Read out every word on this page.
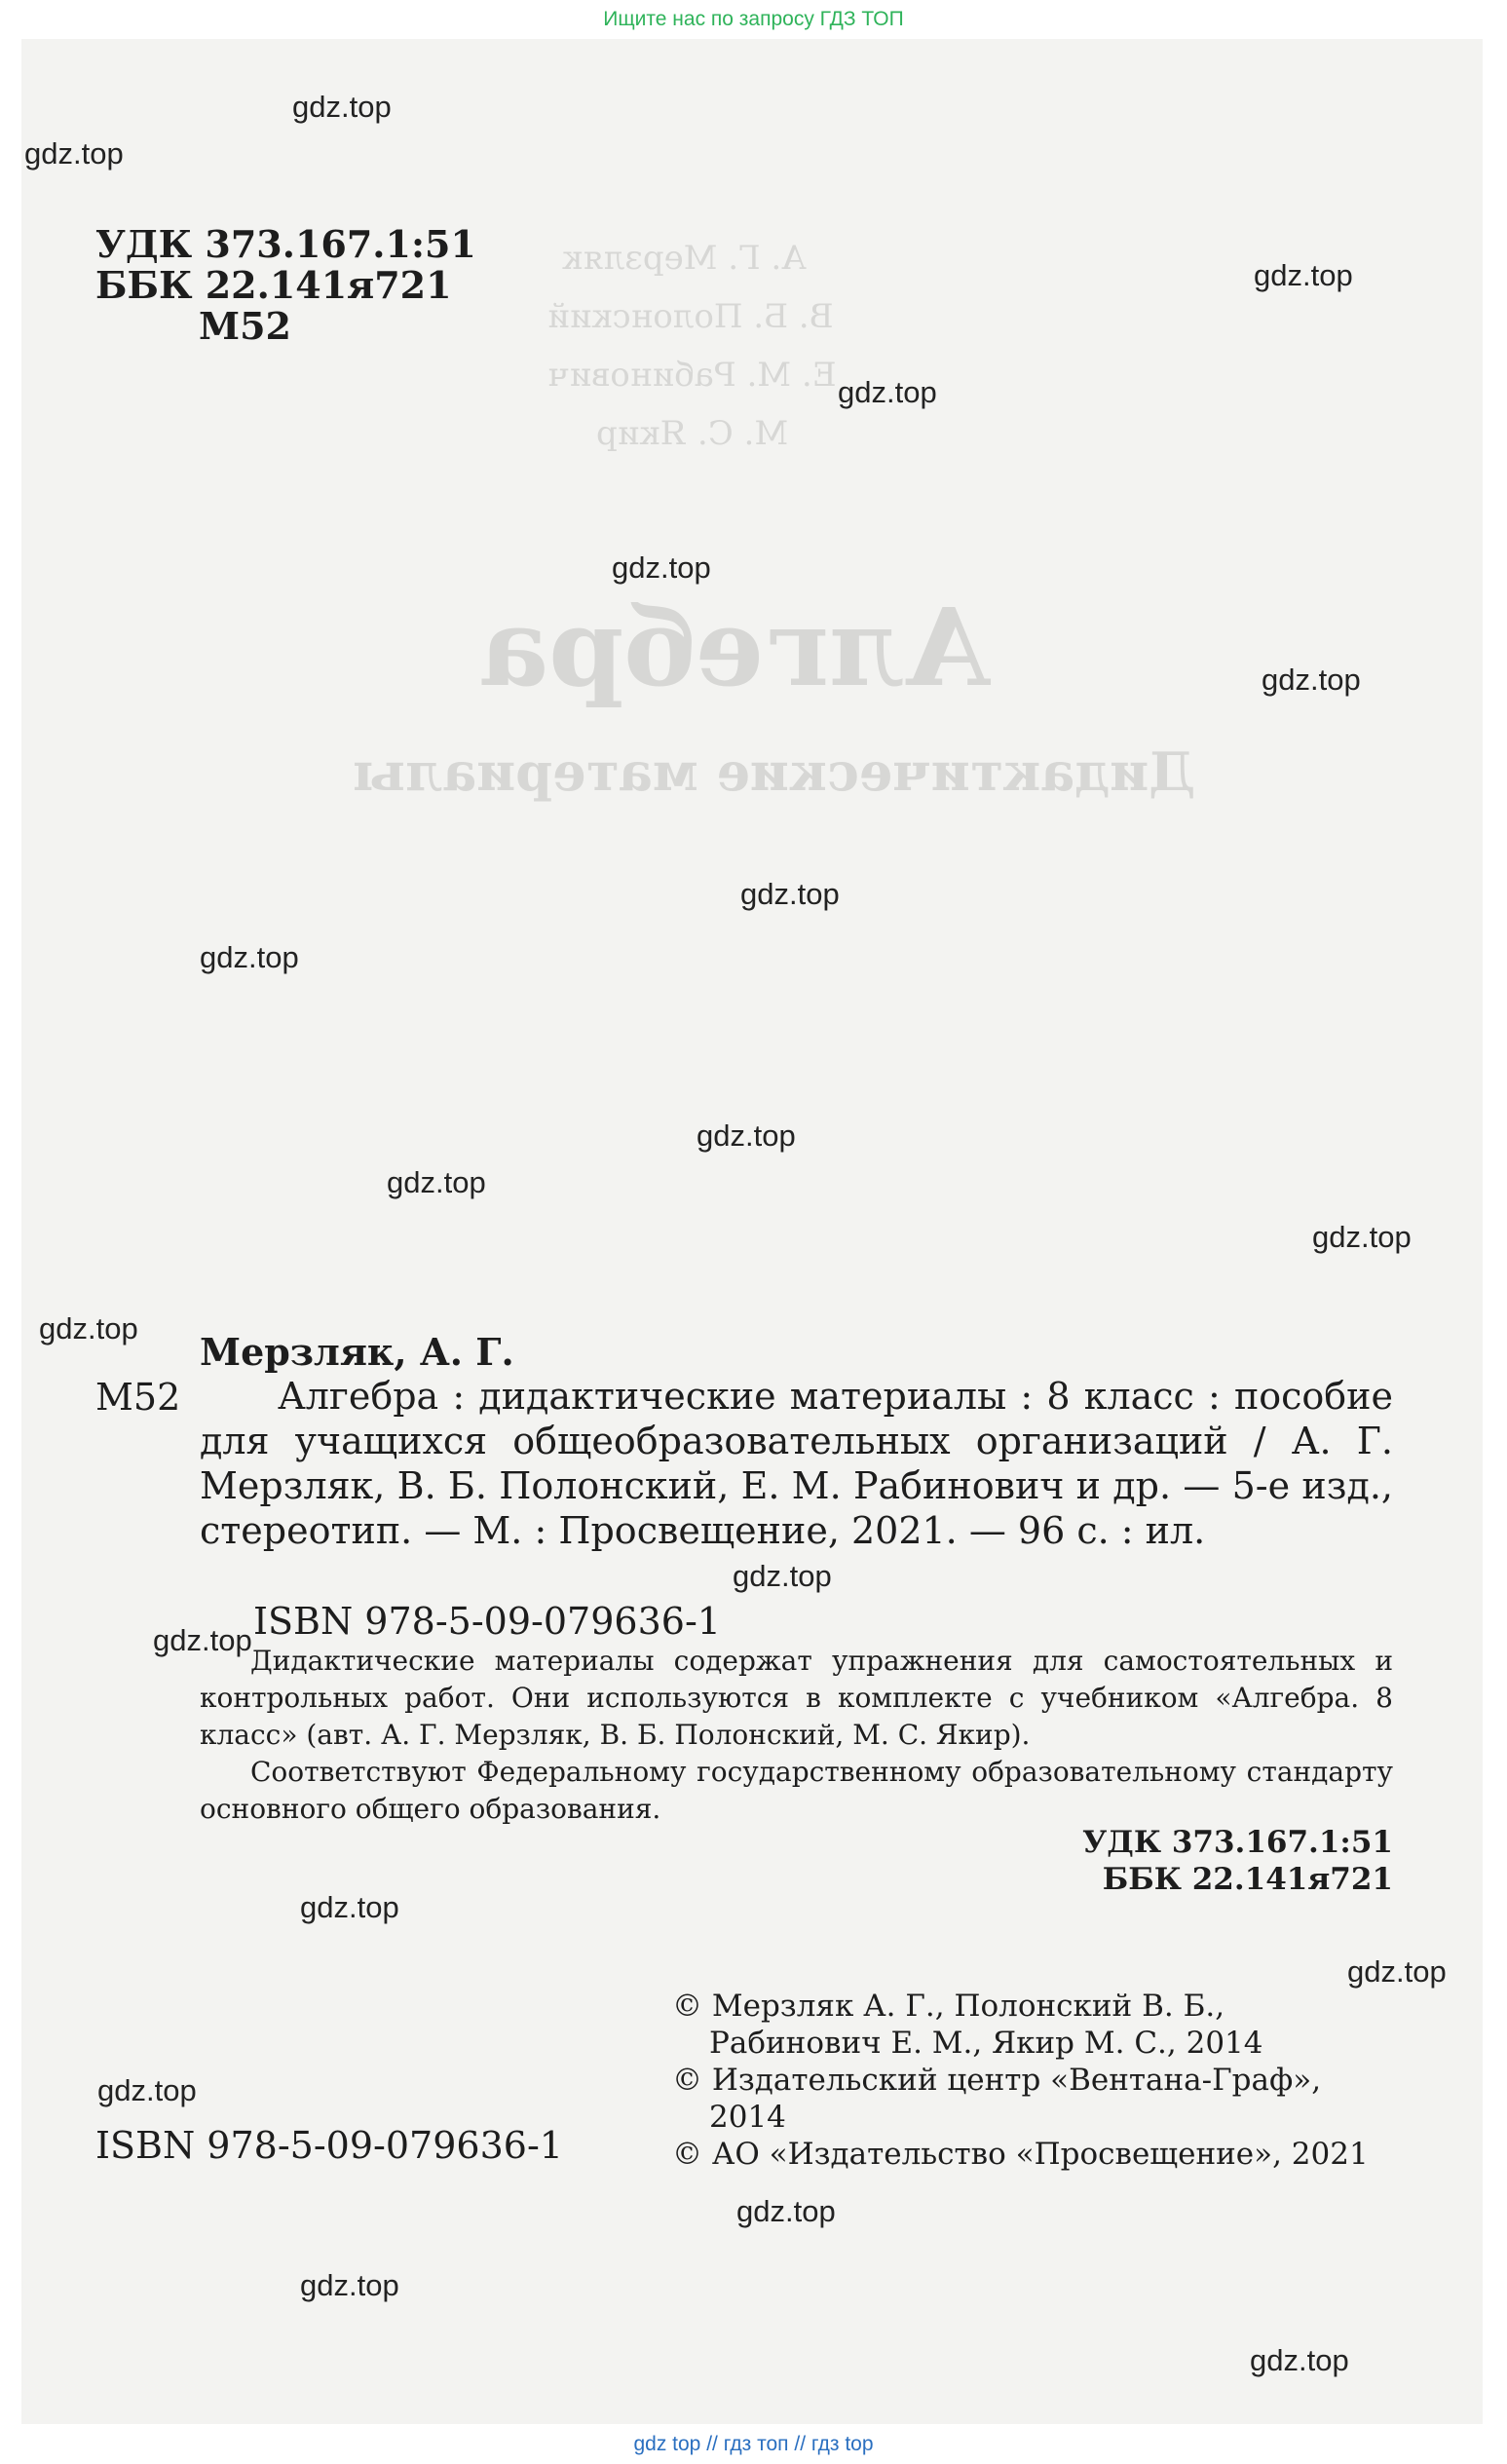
Ищите нас по запросу ГДЗ ТОП
А. Г. Мерзляк
В. Б. Полонский
Е. М. Рабинович
М. С. Якир
Алгебра
Дидактические материалы
УДК 373.167.1:51
ББК 22.141я721
М52
Мерзляк, А. Г.
М52	Алгебра : дидактические материалы : 8 класс : пособие для учащихся общеобразовательных организаций / А. Г. Мерзляк, В. Б. Полонский, Е. М. Рабинович и др. — 5-е изд., стереотип. — М. : Просвещение, 2021. — 96 с. : ил.
ISBN 978-5-09-079636-1

Дидактические материалы содержат упражнения для самостоятельных и контрольных работ. Они используются в комплекте с учебником «Алгебра. 8 класс» (авт. А. Г. Мерзляк, В. Б. Полонский, М. С. Якир).

Соответствуют Федеральному государственному образовательному стандарту основного общего образования.

УДК 373.167.1:51
ББК 22.141я721
© Мерзляк А. Г., Полонский В. Б.,
Рабинович Е. М., Якир М. С., 2014
© Издательский центр «Вентана-Граф»,
2014
© АО «Издательство «Просвещение», 2021
ISBN 978-5-09-079636-1
gdz.top
gdz.top
gdz.top
gdz.top
gdz.top
gdz.top
gdz.top
gdz.top
gdz.top
gdz.top
gdz.top
gdz.top
gdz.top
gdz.top
gdz.top
gdz.top
gdz.top
gdz.top
gdz.top
gdz.top
gdz top // гдз топ // гдз top
